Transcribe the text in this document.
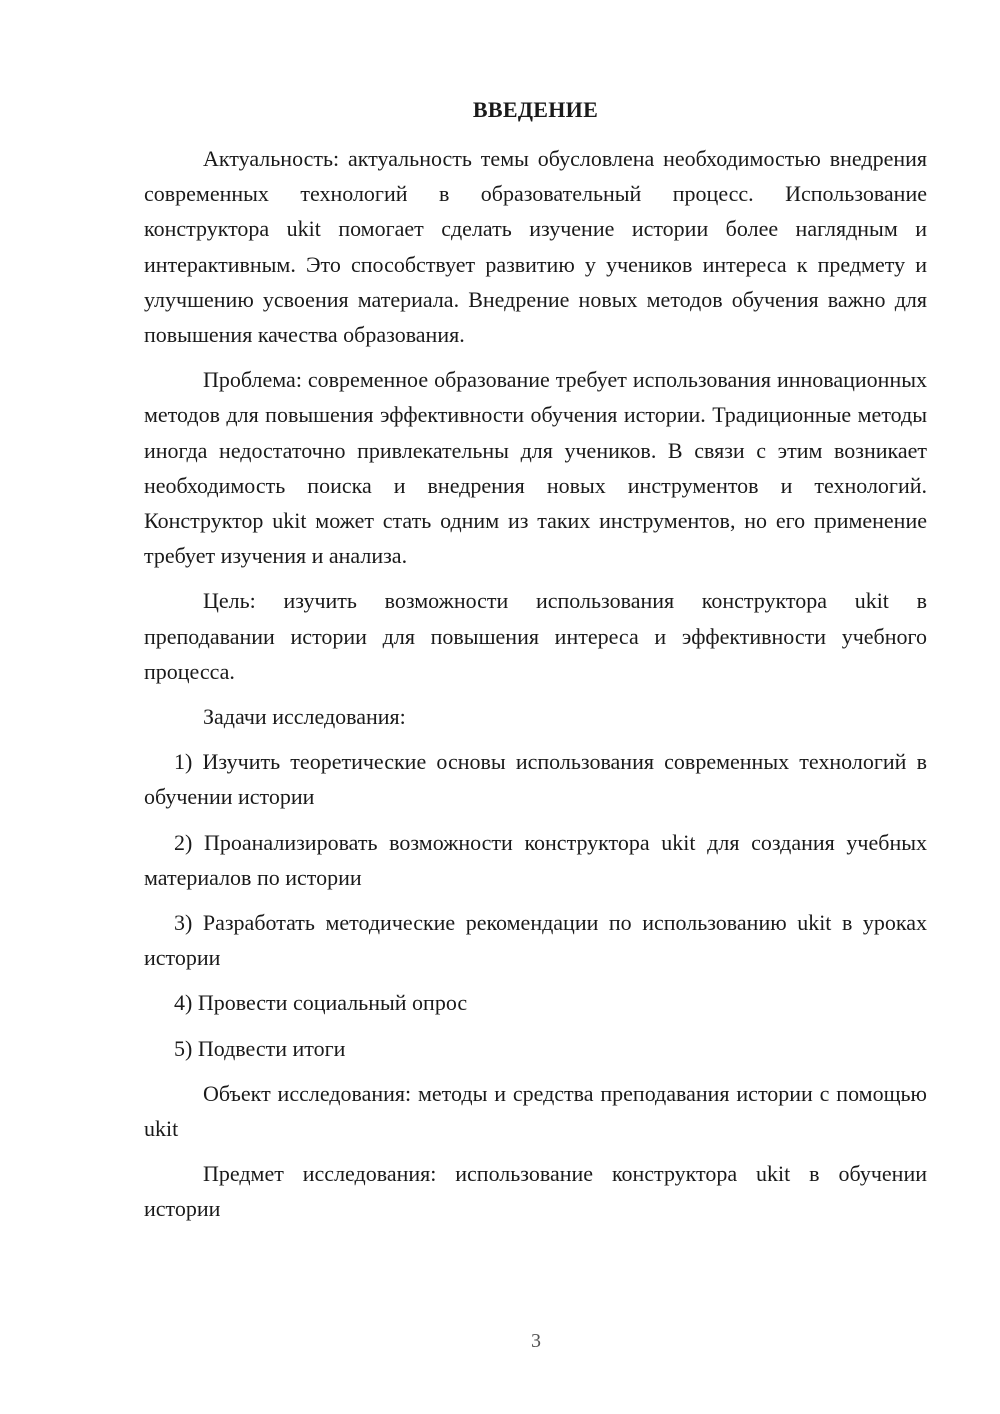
ВВЕДЕНИЕ

Актуальность: актуальность темы обусловлена необходимостью внедрения современных технологий в образовательный процесс. Использование конструктора ukit помогает сделать изучение истории более наглядным и интерактивным. Это способствует развитию у учеников интереса к предмету и улучшению усвоения материала. Внедрение новых методов обучения важно для повышения качества образования.

Проблема: современное образование требует использования инновационных методов для повышения эффективности обучения истории. Традиционные методы иногда недостаточно привлекательны для учеников. В связи с этим возникает необходимость поиска и внедрения новых инструментов и технологий. Конструктор ukit может стать одним из таких инструментов, но его применение требует изучения и анализа.

Цель: изучить возможности использования конструктора ukit в преподавании истории для повышения интереса и эффективности учебного процесса.

Задачи исследования:

1) Изучить теоретические основы использования современных технологий в обучении истории

2) Проанализировать возможности конструктора ukit для создания учебных материалов по истории

3) Разработать методические рекомендации по использованию ukit в уроках истории

4) Провести социальный опрос

5) Подвести итоги

Объект исследования: методы и средства преподавания истории с помощью ukit

Предмет исследования: использование конструктора ukit в обучении истории

3
